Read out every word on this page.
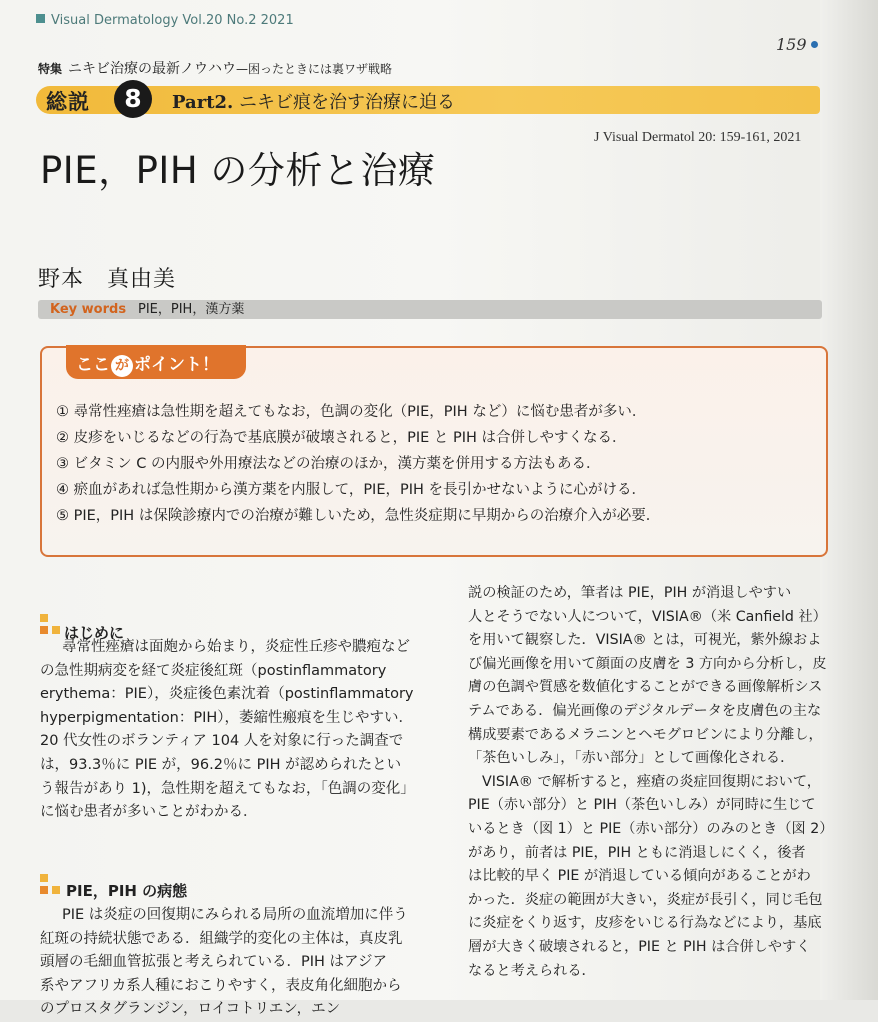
Visual Dermatology Vol.20 No.2 2021
159
特集 ニキビ治療の最新ノウハウ—困ったときには裏ワザ戦略
総説	8	Part2. ニキビ痕を治す治療に迫る
J Visual Dermatol 20: 159-161, 2021
PIE，PIH の分析と治療
野本　真由美
Key words PIE，PIH，漢方薬
ここ が ポイント！
① 尋常性痤瘡は急性期を超えてもなお，色調の変化（PIE，PIH など）に悩む患者が多い．
② 皮疹をいじるなどの行為で基底膜が破壊されると，PIE と PIH は合併しやすくなる．
③ ビタミン C の内服や外用療法などの治療のほか，漢方薬を併用する方法もある．
④ 瘀血があれば急性期から漢方薬を内服して，PIE，PIH を長引かせないように心がける．
⑤ PIE，PIH は保険診療内での治療が難しいため，急性炎症期に早期からの治療介入が必要．
はじめに
尋常性痤瘡は面皰から始まり，炎症性丘疹や膿疱など
の急性期病変を経て炎症後紅斑（postinflammatory
erythema：PIE），炎症後色素沈着（postinflammatory
hyperpigmentation：PIH），萎縮性瘢痕を生じやすい．
20 代女性のボランティア 104 人を対象に行った調査で
は，93.3％に PIE が，96.2％に PIH が認められたとい
う報告があり 1)，急性期を超えてもなお，「色調の変化」
に悩む患者が多いことがわかる．
PIE，PIH の病態
PIE は炎症の回復期にみられる局所の血流増加に伴う
紅斑の持続状態である．組織学的変化の主体は，真皮乳
頭層の毛細血管拡張と考えられている．PIH はアジア
系やアフリカ系人種におこりやすく，表皮角化細胞から
のプロスタグランジン，ロイコトリエン，エン
説の検証のため，筆者は PIE，PIH が消退しやすい
人とそうでない人について，VISIA®（米 Canfield 社）
を用いて観察した．VISIA® とは，可視光，紫外線およ
び偏光画像を用いて顔面の皮膚を 3 方向から分析し，皮
膚の色調や質感を数値化することができる画像解析シス
テムである．偏光画像のデジタルデータを皮膚色の主な
構成要素であるメラニンとヘモグロビンにより分離し，
「茶色いしみ」，「赤い部分」として画像化される．
VISIA® で解析すると，痤瘡の炎症回復期において，
PIE（赤い部分）と PIH（茶色いしみ）が同時に生じて
いるとき（図 1）と PIE（赤い部分）のみのとき（図 2）
があり，前者は PIE，PIH ともに消退しにくく，後者
は比較的早く PIE が消退している傾向があることがわ
かった．炎症の範囲が大きい，炎症が長引く，同じ毛包
に炎症をくり返す，皮疹をいじる行為などにより，基底
層が大きく破壊されると，PIE と PIH は合併しやすく
なると考えられる．
